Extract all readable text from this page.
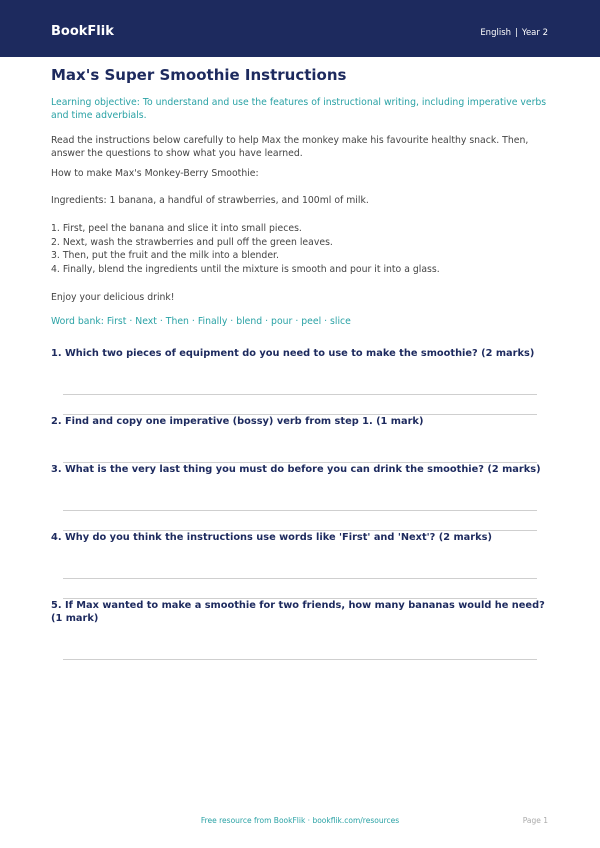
BookFlik	English | Year 2
Max's Super Smoothie Instructions

Learning objective: To understand and use the features of instructional writing, including imperative verbs and time adverbials.

Read the instructions below carefully to help Max the monkey make his favourite healthy snack. Then, answer the questions to show what you have learned.

How to make Max's Monkey-Berry Smoothie:

Ingredients: 1 banana, a handful of strawberries, and 100ml of milk.

1. First, peel the banana and slice it into small pieces.
2. Next, wash the strawberries and pull off the green leaves.
3. Then, put the fruit and the milk into a blender.
4. Finally, blend the ingredients until the mixture is smooth and pour it into a glass.

Enjoy your delicious drink!

Word bank: First · Next · Then · Finally · blend · pour · peel · slice

1. Which two pieces of equipment do you need to use to make the smoothie? (2 marks)

2. Find and copy one imperative (bossy) verb from step 1. (1 mark)

3. What is the very last thing you must do before you can drink the smoothie? (2 marks)

4. Why do you think the instructions use words like 'First' and 'Next'? (2 marks)

5. If Max wanted to make a smoothie for two friends, how many bananas would he need? (1 mark)

Free resource from BookFlik · bookflik.com/resources	Page 1
